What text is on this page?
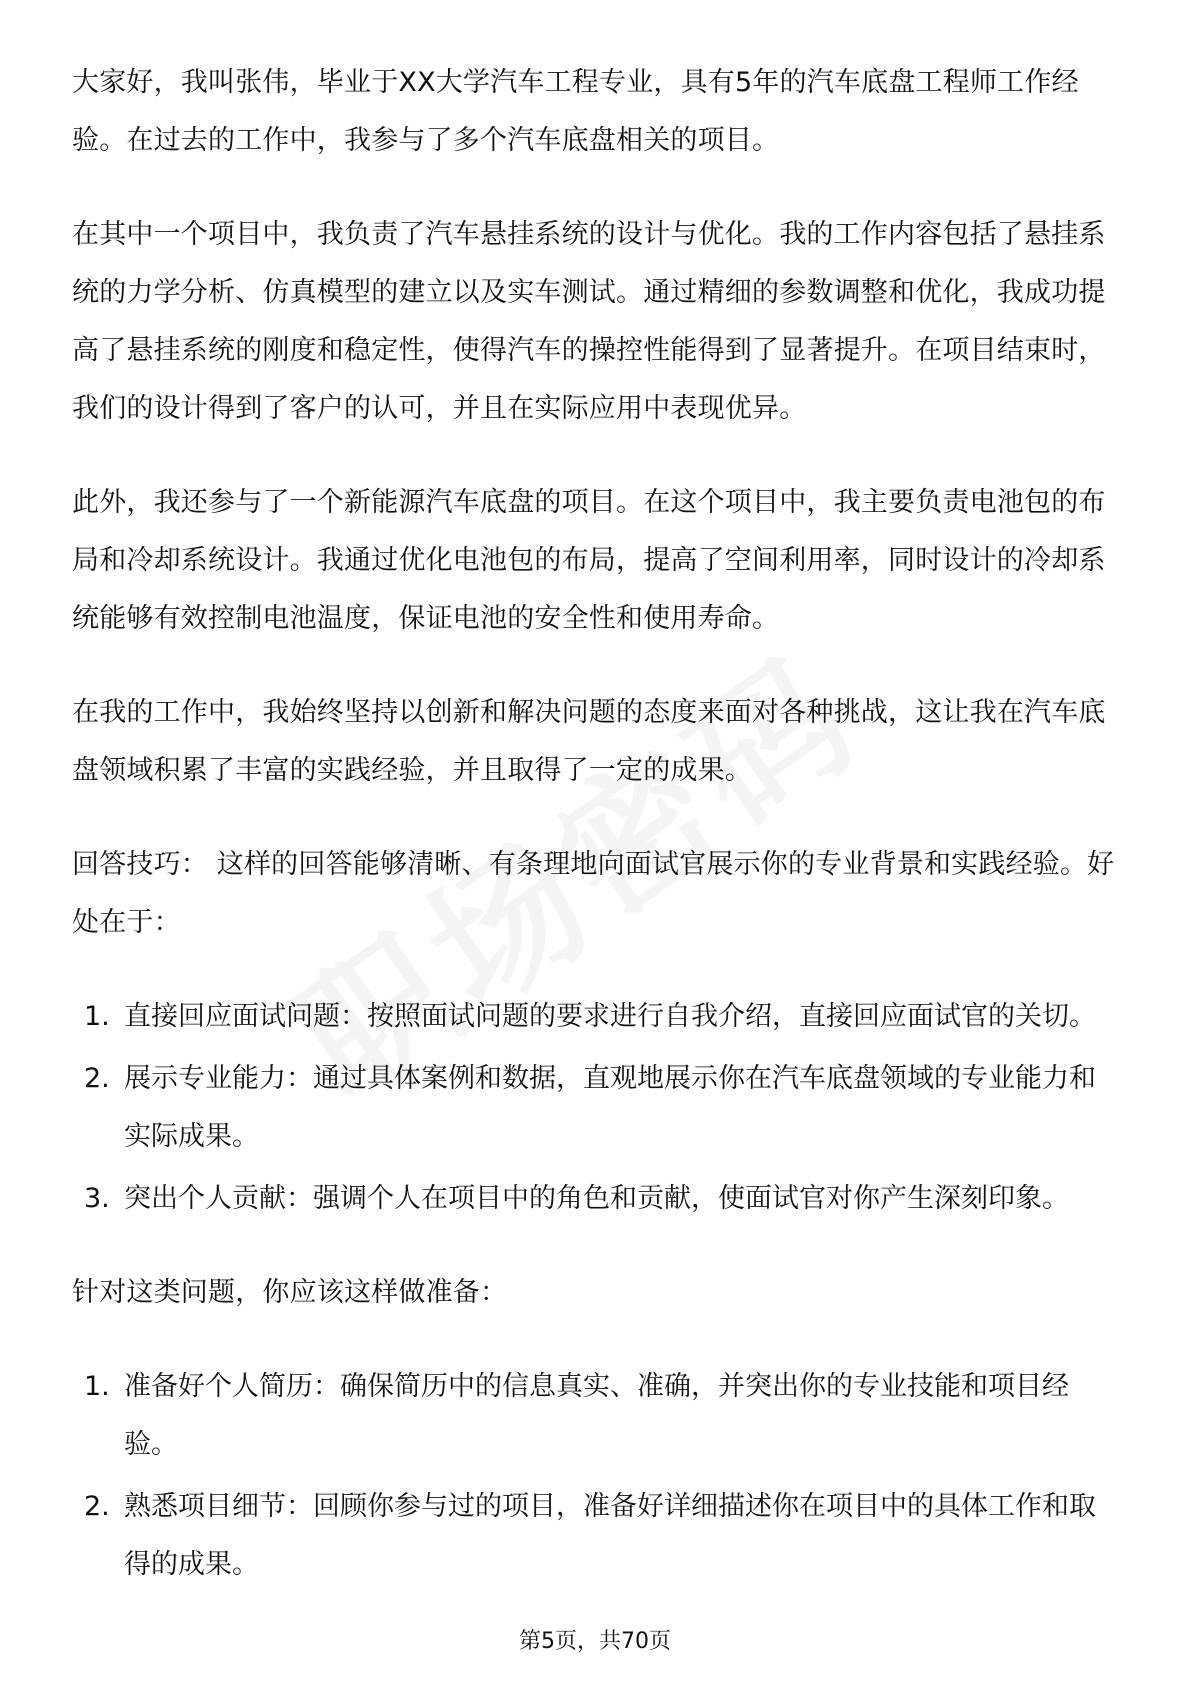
大家好，我叫张伟，毕业于XX大学汽车工程专业，具有5年的汽车底盘工程师工作经验。在过去的工作中，我参与了多个汽车底盘相关的项目。

在其中一个项目中，我负责了汽车悬挂系统的设计与优化。我的工作内容包括了悬挂系统的力学分析、仿真模型的建立以及实车测试。通过精细的参数调整和优化，我成功提高了悬挂系统的刚度和稳定性，使得汽车的操控性能得到了显著提升。在项目结束时，我们的设计得到了客户的认可，并且在实际应用中表现优异。

此外，我还参与了一个新能源汽车底盘的项目。在这个项目中，我主要负责电池包的布局和冷却系统设计。我通过优化电池包的布局，提高了空间利用率，同时设计的冷却系统能够有效控制电池温度，保证电池的安全性和使用寿命。

在我的工作中，我始终坚持以创新和解决问题的态度来面对各种挑战，这让我在汽车底盘领域积累了丰富的实践经验，并且取得了一定的成果。

回答技巧： 这样的回答能够清晰、有条理地向面试官展示你的专业背景和实践经验。好处在于：

1. 直接回应面试问题：按照面试问题的要求进行自我介绍，直接回应面试官的关切。
2. 展示专业能力：通过具体案例和数据，直观地展示你在汽车底盘领域的专业能力和实际成果。
3. 突出个人贡献：强调个人在项目中的角色和贡献，使面试官对你产生深刻印象。

针对这类问题，你应该这样做准备：

1. 准备好个人简历：确保简历中的信息真实、准确，并突出你的专业技能和项目经验。
2. 熟悉项目细节：回顾你参与过的项目，准备好详细描述你在项目中的具体工作和取得的成果。
第5页，共70页
